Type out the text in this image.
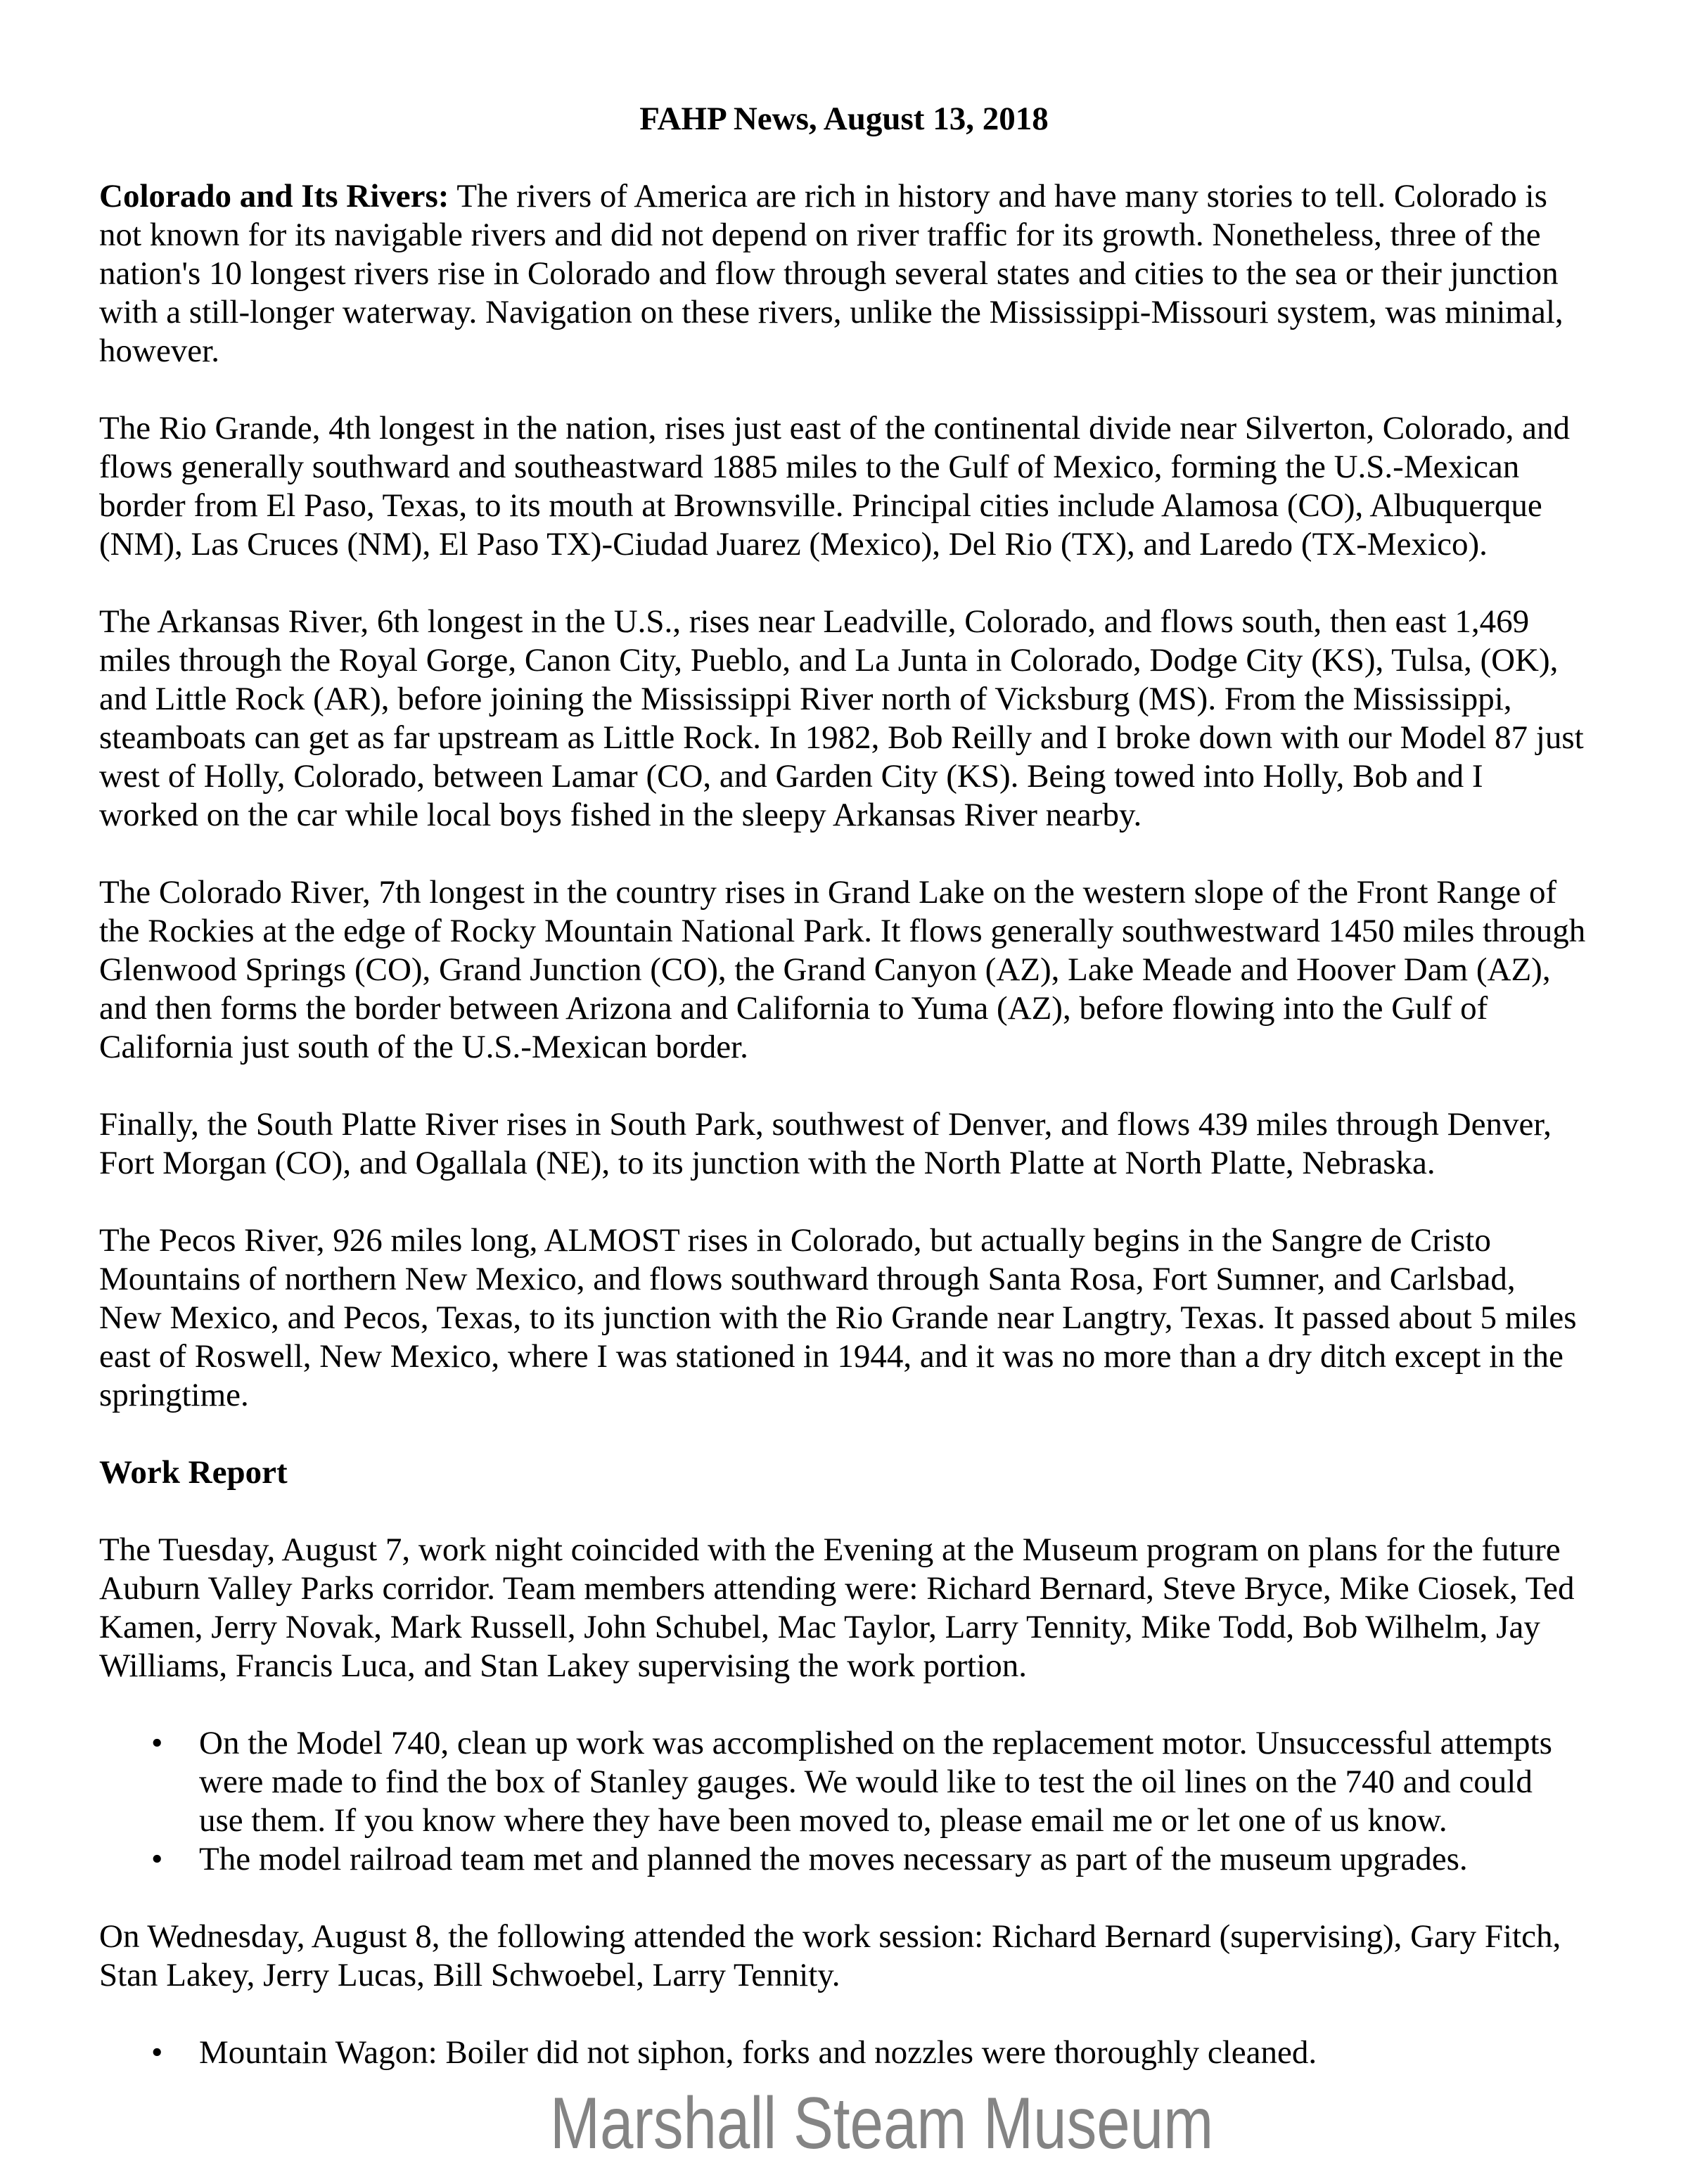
FAHP News, August 13, 2018
Colorado and Its Rivers: The rivers of America are rich in history and have many stories to tell. Colorado is
not known for its navigable rivers and did not depend on river traffic for its growth. Nonetheless, three of the
nation's 10 longest rivers rise in Colorado and flow through several states and cities to the sea or their junction
with a still-longer waterway. Navigation on these rivers, unlike the Mississippi-Missouri system, was minimal,
however.
The Rio Grande, 4th longest in the nation, rises just east of the continental divide near Silverton, Colorado, and
flows generally southward and southeastward 1885 miles to the Gulf of Mexico, forming the U.S.-Mexican
border from El Paso, Texas, to its mouth at Brownsville. Principal cities include Alamosa (CO), Albuquerque
(NM), Las Cruces (NM), El Paso TX)-Ciudad Juarez (Mexico), Del Rio (TX), and Laredo (TX-Mexico).
The Arkansas River, 6th longest in the U.S., rises near Leadville, Colorado, and flows south, then east 1,469
miles through the Royal Gorge, Canon City, Pueblo, and La Junta in Colorado, Dodge City (KS), Tulsa, (OK),
and Little Rock (AR), before joining the Mississippi River north of Vicksburg (MS). From the Mississippi,
steamboats can get as far upstream as Little Rock. In 1982, Bob Reilly and I broke down with our Model 87 just
west of Holly, Colorado, between Lamar (CO, and Garden City (KS). Being towed into Holly, Bob and I
worked on the car while local boys fished in the sleepy Arkansas River nearby.
The Colorado River, 7th longest in the country rises in Grand Lake on the western slope of the Front Range of
the Rockies at the edge of Rocky Mountain National Park. It flows generally southwestward 1450 miles through
Glenwood Springs (CO), Grand Junction (CO), the Grand Canyon (AZ), Lake Meade and Hoover Dam (AZ),
and then forms the border between Arizona and California to Yuma (AZ), before flowing into the Gulf of
California just south of the U.S.-Mexican border.
Finally, the South Platte River rises in South Park, southwest of Denver, and flows 439 miles through Denver,
Fort Morgan (CO), and Ogallala (NE), to its junction with the North Platte at North Platte, Nebraska.
The Pecos River, 926 miles long, ALMOST rises in Colorado, but actually begins in the Sangre de Cristo
Mountains of northern New Mexico, and flows southward through Santa Rosa, Fort Sumner, and Carlsbad,
New Mexico, and Pecos, Texas, to its junction with the Rio Grande near Langtry, Texas. It passed about 5 miles
east of Roswell, New Mexico, where I was stationed in 1944, and it was no more than a dry ditch except in the
springtime.
Work Report
The Tuesday, August 7, work night coincided with the Evening at the Museum program on plans for the future
Auburn Valley Parks corridor. Team members attending were: Richard Bernard, Steve Bryce, Mike Ciosek, Ted
Kamen, Jerry Novak, Mark Russell, John Schubel, Mac Taylor, Larry Tennity, Mike Todd, Bob Wilhelm, Jay
Williams, Francis Luca, and Stan Lakey supervising the work portion.
• On the Model 740, clean up work was accomplished on the replacement motor. Unsuccessful attempts
were made to find the box of Stanley gauges. We would like to test the oil lines on the 740 and could
use them. If you know where they have been moved to, please email me or let one of us know.
• The model railroad team met and planned the moves necessary as part of the museum upgrades.
On Wednesday, August 8, the following attended the work session: Richard Bernard (supervising), Gary Fitch,
Stan Lakey, Jerry Lucas, Bill Schwoebel, Larry Tennity.
• Mountain Wagon: Boiler did not siphon, forks and nozzles were thoroughly cleaned.
Marshall Steam Museum
